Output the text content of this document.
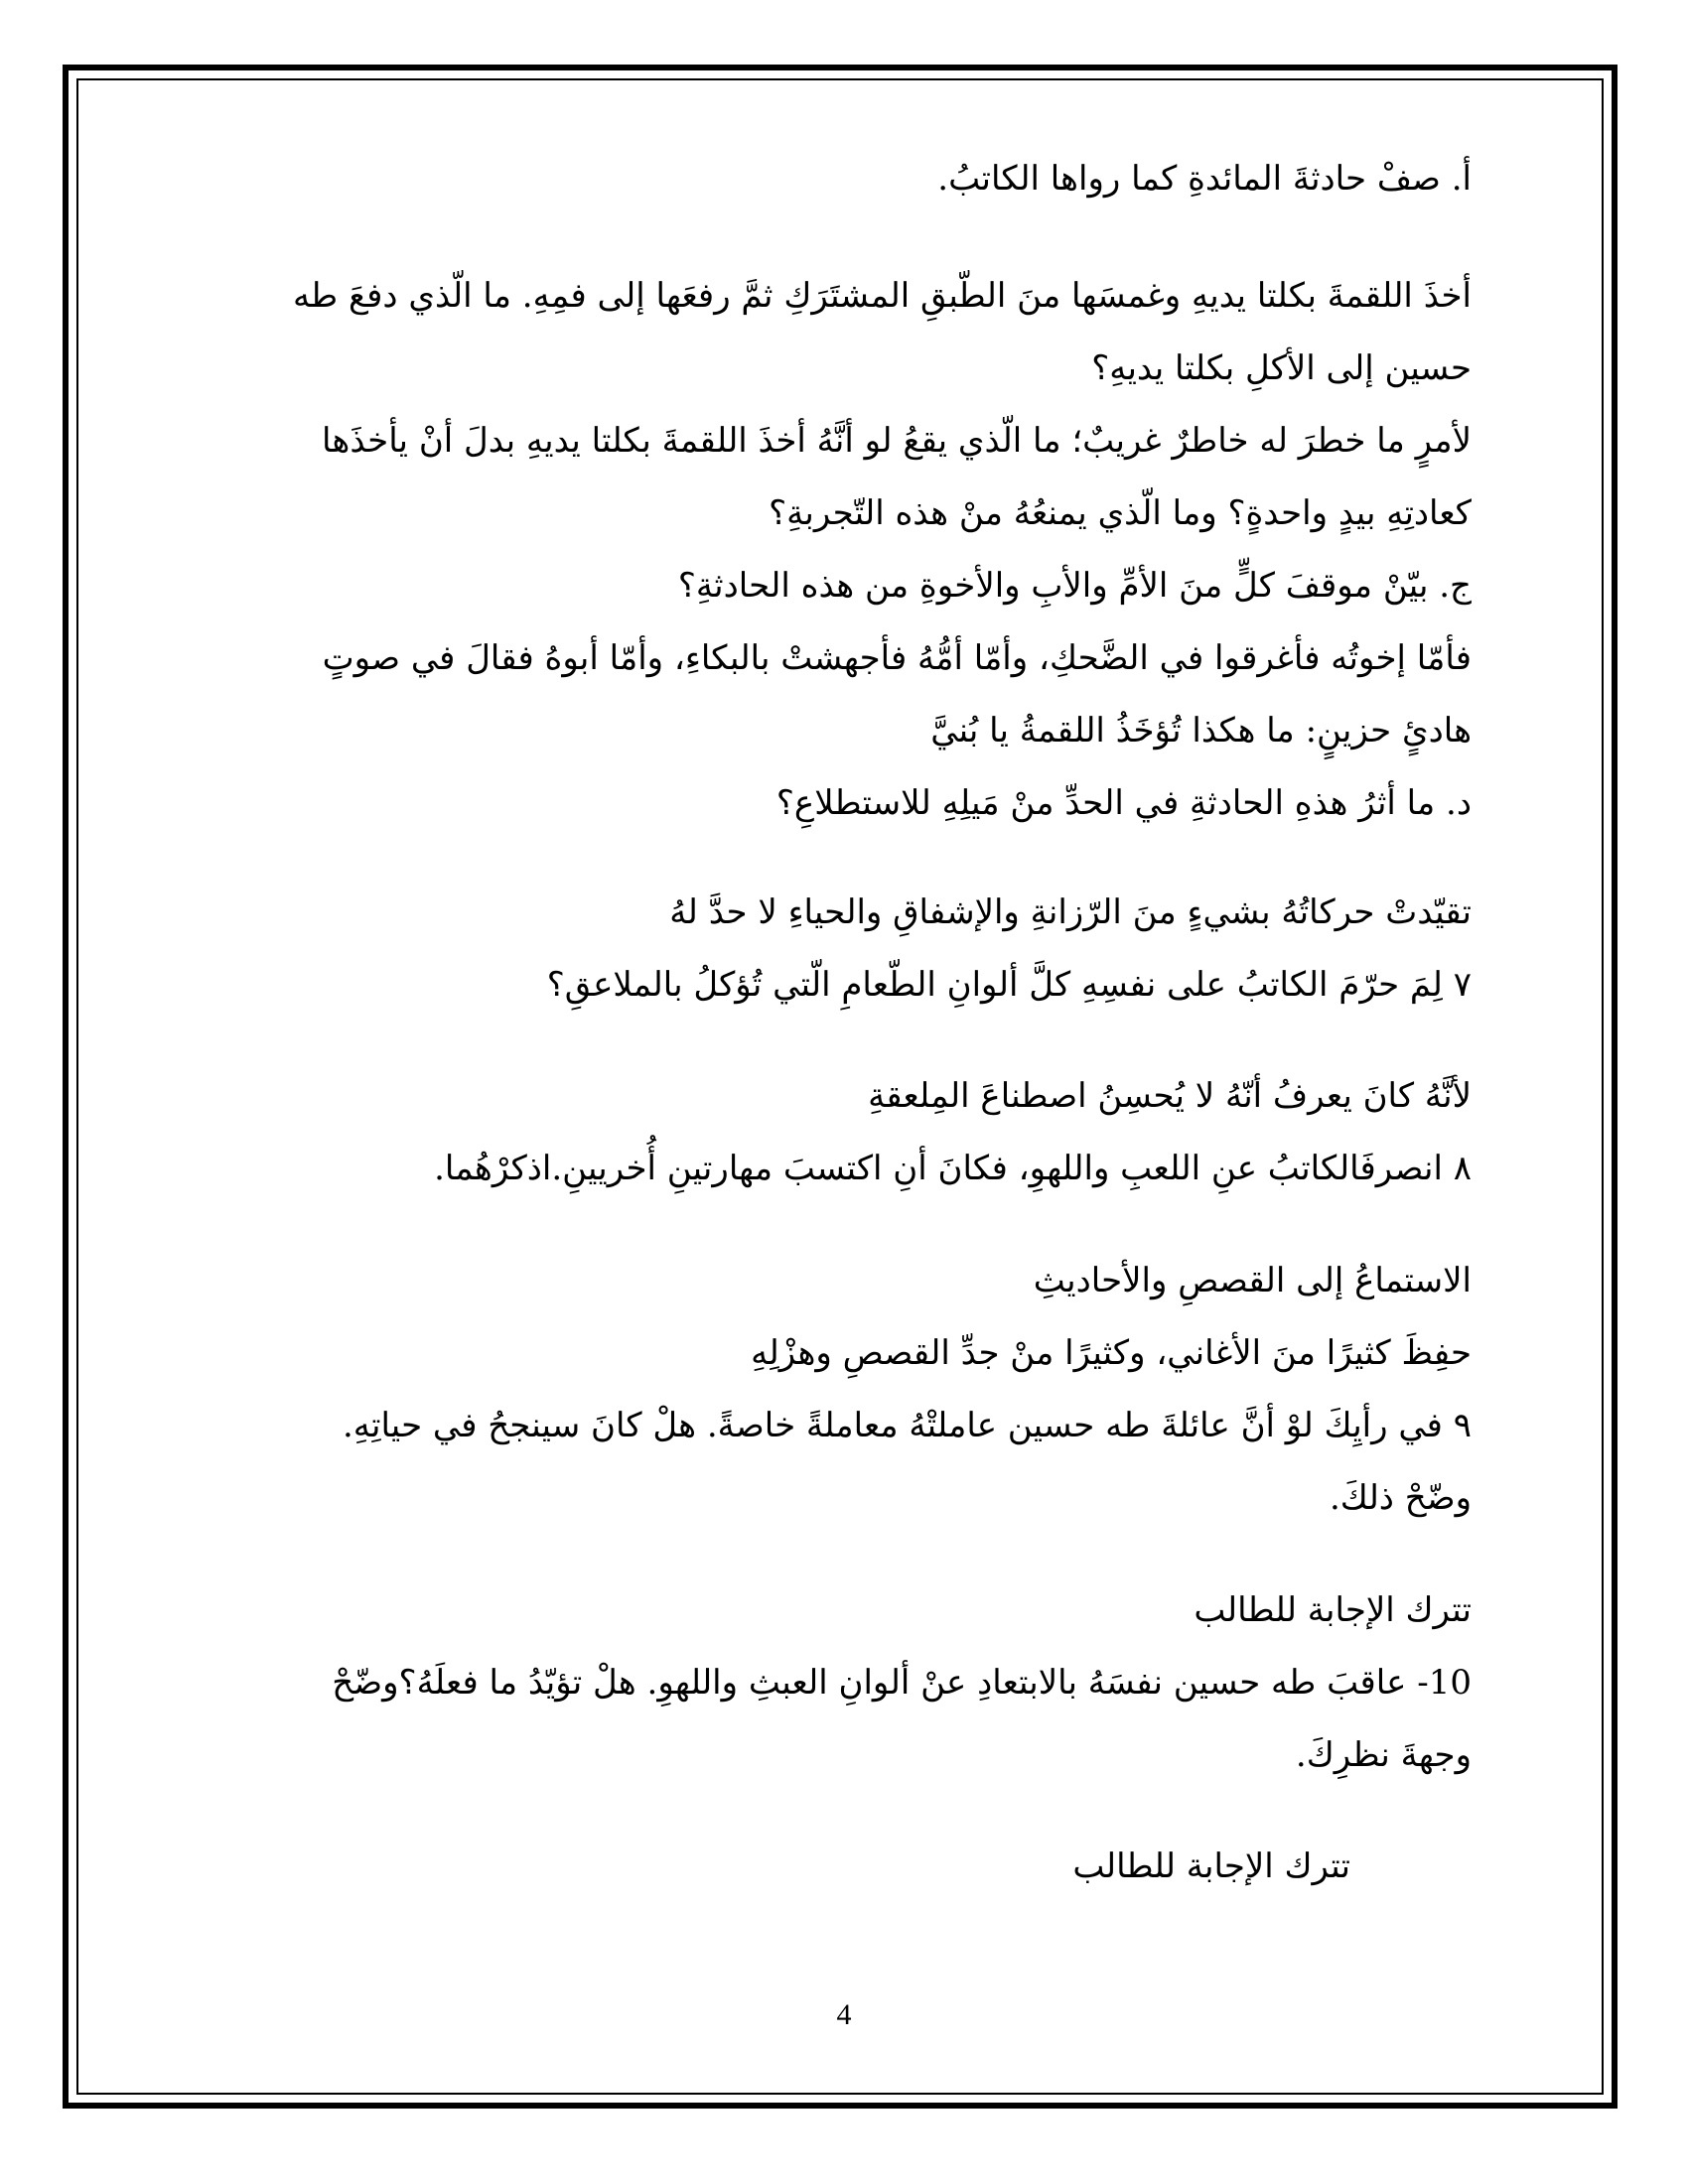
أ. صفْ حادثةَ المائدةِ كما رواها الكاتبُ.
أخذَ اللقمةَ بكلتا يديهِ وغمسَها منَ الطّبقِ المشتَرَكِ ثمَّ رفعَها إلى فمِهِ. ما الّذي دفعَ طه
حسين إلى الأكلِ بكلتا يديهِ؟
لأمرٍ ما خطرَ له خاطرٌ غريبٌ؛ ما الّذي يقعُ لو أنَّهُ أخذَ اللقمةَ بكلتا يديهِ بدلَ أنْ يأخذَها
كعادتِهِ بيدٍ واحدةٍ؟ وما الّذي يمنعُهُ منْ هذه التّجربةِ؟
ج. بيّنْ موقفَ كلٍّ منَ الأمِّ والأبِ والأخوةِ من هذه الحادثةِ؟
فأمّا إخوتُه فأغرقوا في الضَّحكِ، وأمّا أمُّهُ فأجهشتْ بالبكاءِ، وأمّا أبوهُ فقالَ في صوتٍ
هادئٍ حزينٍ: ما هكذا تُؤخَذُ اللقمةُ يا بُنيَّ
د. ما أثرُ هذهِ الحادثةِ في الحدِّ منْ مَيلِهِ للاستطلاعِ؟
تقيّدتْ حركاتُهُ بشيءٍ منَ الرّزانةِ والإشفاقِ والحياءِ لا حدَّ لهُ
٧ لِمَ حرّمَ الكاتبُ على نفسِهِ كلَّ ألوانِ الطّعامِ الّتي تُؤكلُ بالملاعقِ؟
لأنَّهُ كانَ يعرفُ أنّهُ لا يُحسِنُ اصطناعَ المِلعقةِ
٨ انصرفَالكاتبُ عنِ اللعبِ واللهوِ، فكانَ أنِ اكتسبَ مهارتينِ أُخريينِ.اذكرْهُما.
الاستماعُ إلى القصصِ والأحاديثِ
حفِظَ كثيرًا منَ الأغاني، وكثيرًا منْ جدِّ القصصِ وهزْلِهِ
٩ في رأيِكَ لوْ أنَّ عائلةَ طه حسين عاملتْهُ معاملةً خاصةً. هلْ كانَ سينجحُ في حياتِهِ.
وضّحْ ذلكَ.
تترك الإجابة للطالب
10- عاقبَ طه حسين نفسَهُ بالابتعادِ عنْ ألوانِ العبثِ واللهوِ. هلْ تؤيّدُ ما فعلَهُ؟وضّحْ
وجهةَ نظرِكَ.
تترك الإجابة للطالب
4
